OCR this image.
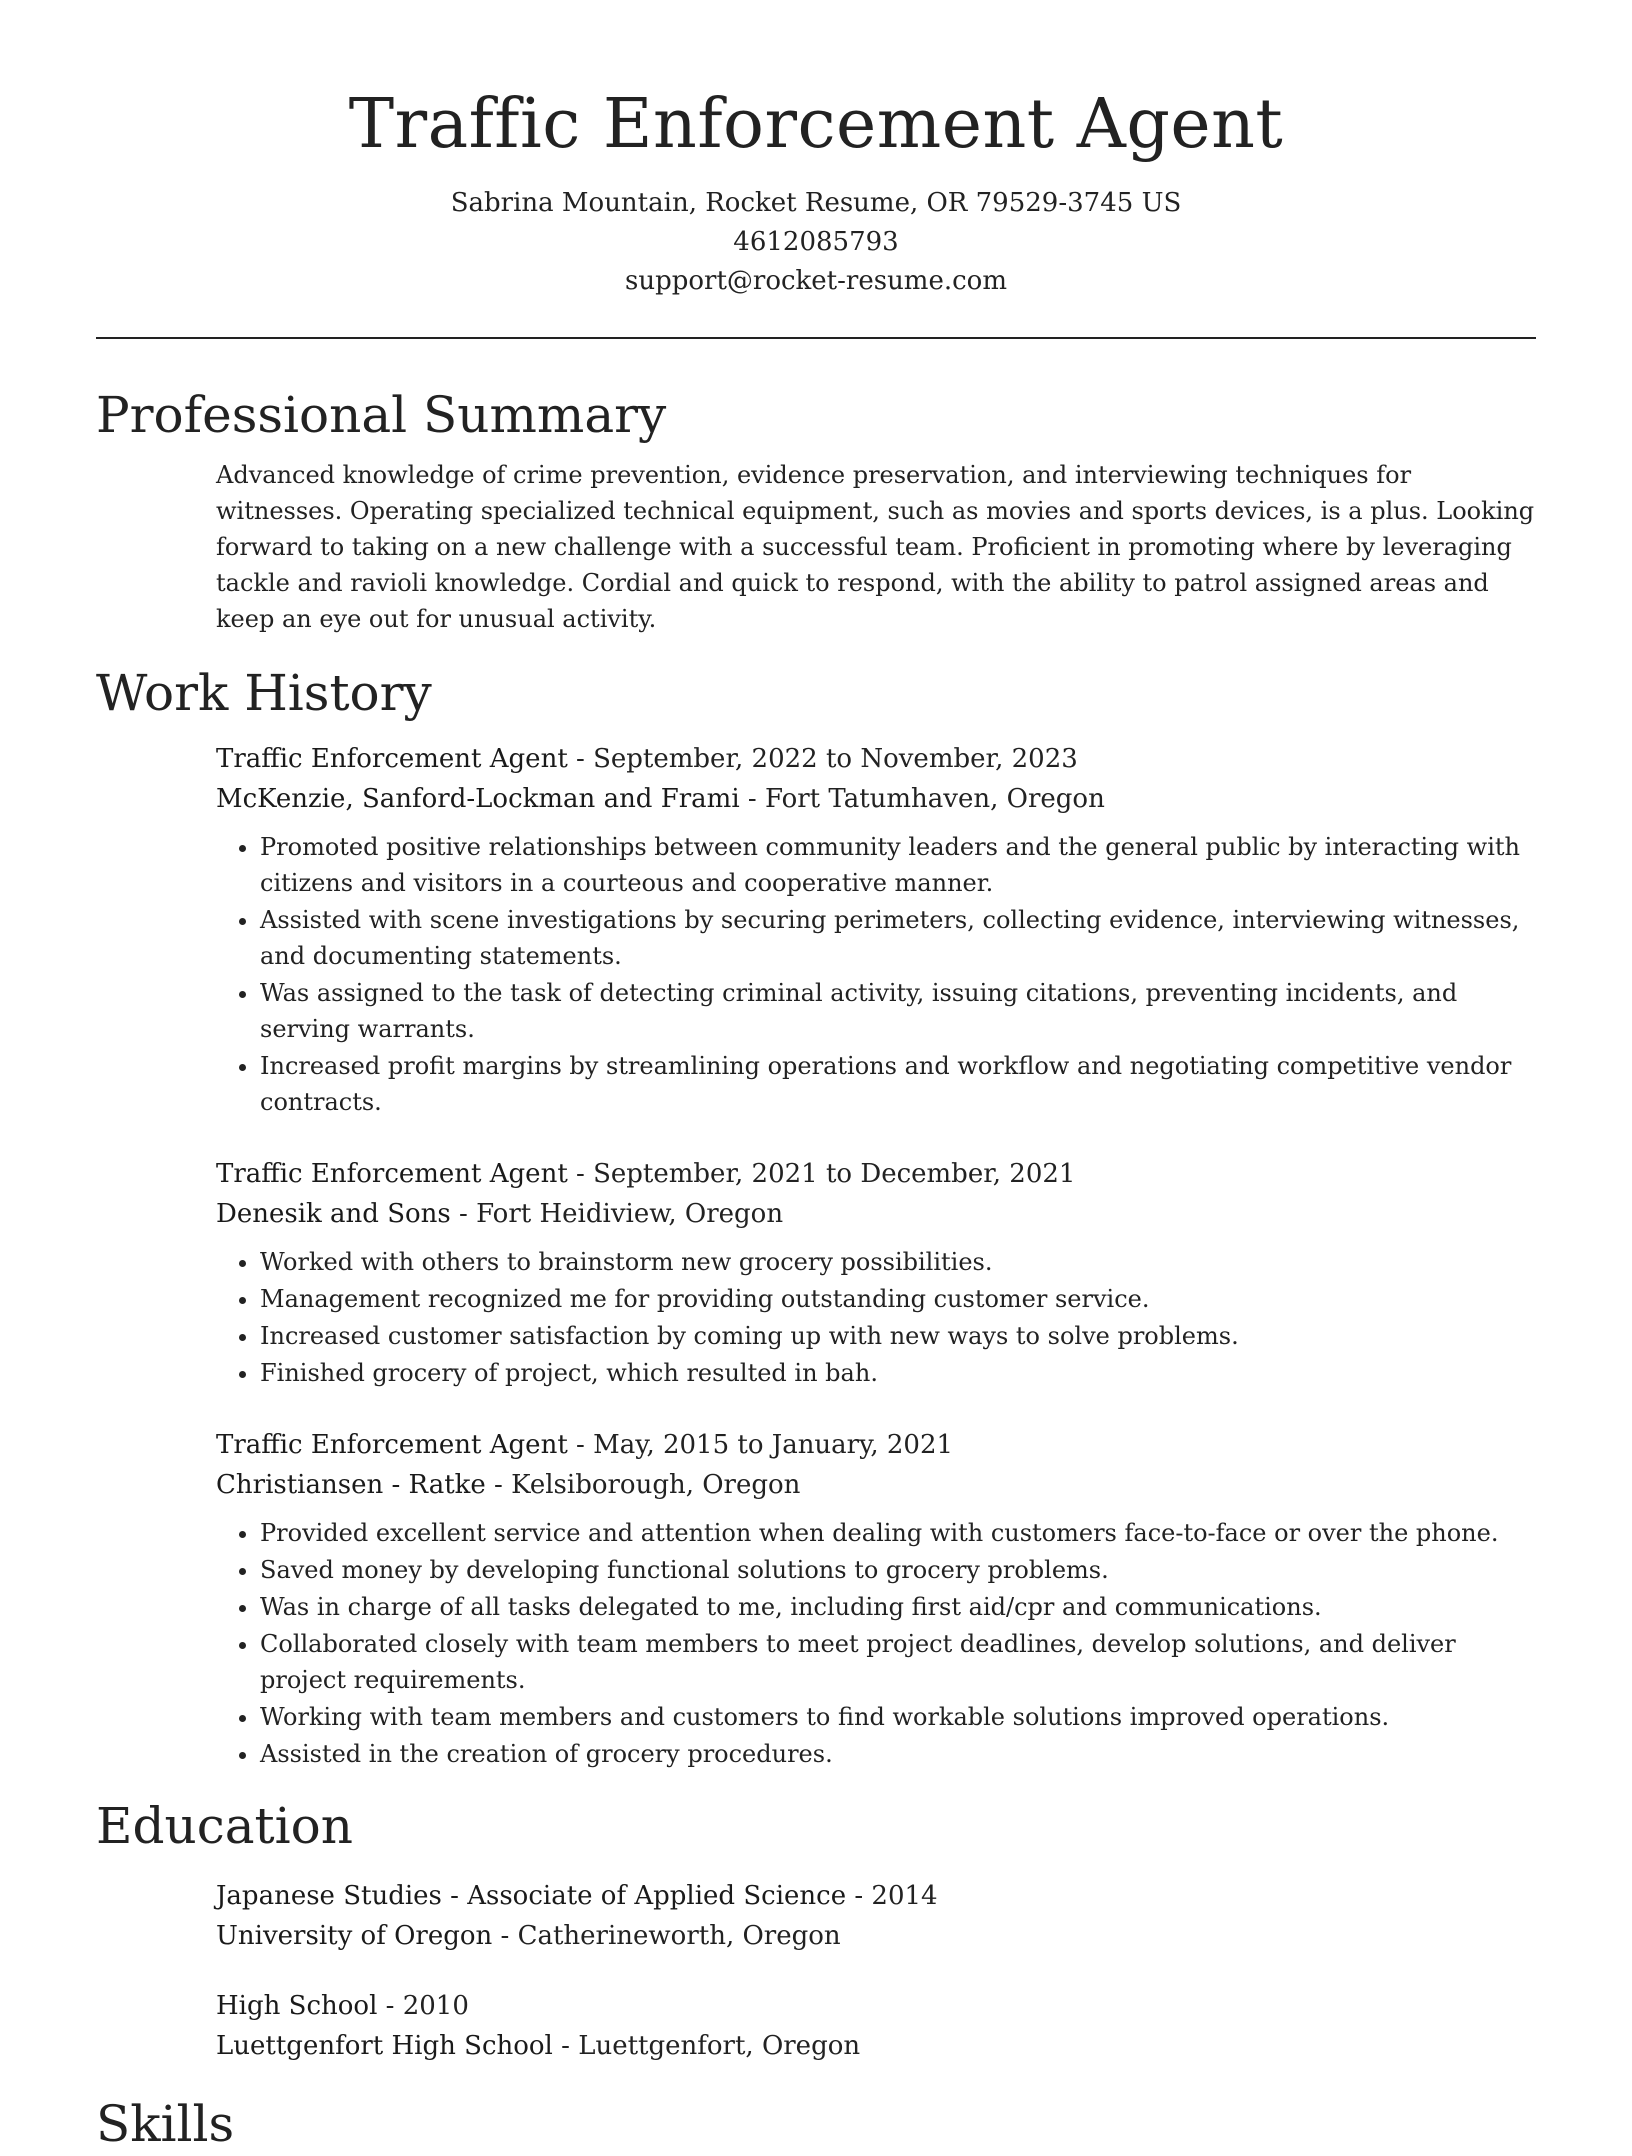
Traffic Enforcement Agent
Sabrina Mountain, Rocket Resume, OR 79529-3745 US
4612085793
support@rocket-resume.com
Professional Summary

Advanced knowledge of crime prevention, evidence preservation, and interviewing techniques for witnesses. Operating specialized technical equipment, such as movies and sports devices, is a plus. Looking forward to taking on a new challenge with a successful team. Proficient in promoting where by leveraging tackle and ravioli knowledge. Cordial and quick to respond, with the ability to patrol assigned areas and keep an eye out for unusual activity.

Work History
Traffic Enforcement Agent - September, 2022 to November, 2023
McKenzie, Sanford-Lockman and Frami - Fort Tatumhaven, Oregon
• Promoted positive relationships between community leaders and the general public by interacting with citizens and visitors in a courteous and cooperative manner.
• Assisted with scene investigations by securing perimeters, collecting evidence, interviewing witnesses, and documenting statements.
• Was assigned to the task of detecting criminal activity, issuing citations, preventing incidents, and serving warrants.
• Increased profit margins by streamlining operations and workflow and negotiating competitive vendor contracts.
Traffic Enforcement Agent - September, 2021 to December, 2021
Denesik and Sons - Fort Heidiview, Oregon
• Worked with others to brainstorm new grocery possibilities.
• Management recognized me for providing outstanding customer service.
• Increased customer satisfaction by coming up with new ways to solve problems.
• Finished grocery of project, which resulted in bah.
Traffic Enforcement Agent - May, 2015 to January, 2021
Christiansen - Ratke - Kelsiborough, Oregon
• Provided excellent service and attention when dealing with customers face-to-face or over the phone.
• Saved money by developing functional solutions to grocery problems.
• Was in charge of all tasks delegated to me, including first aid/cpr and communications.
• Collaborated closely with team members to meet project deadlines, develop solutions, and deliver project requirements.
• Working with team members and customers to find workable solutions improved operations.
• Assisted in the creation of grocery procedures.
Education
Japanese Studies - Associate of Applied Science - 2014
University of Oregon - Catherineworth, Oregon
High School - 2010
Luettgenfort High School - Luettgenfort, Oregon
Skills
